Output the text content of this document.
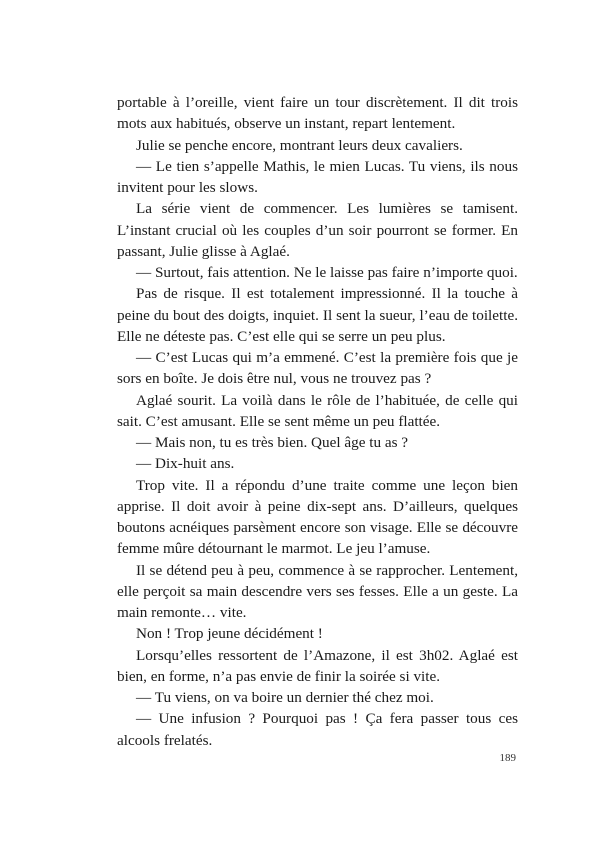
portable à l’oreille, vient faire un tour discrètement. Il dit trois mots aux habitués, observe un instant, repart lentement.

Julie se penche encore, montrant leurs deux cavaliers.

— Le tien s’appelle Mathis, le mien Lucas. Tu viens, ils nous invitent pour les slows.

La série vient de commencer. Les lumières se tamisent. L’instant crucial où les couples d’un soir pourront se former. En passant, Julie glisse à Aglaé.

— Surtout, fais attention. Ne le laisse pas faire n’importe quoi.

Pas de risque. Il est totalement impressionné. Il la touche à peine du bout des doigts, inquiet. Il sent la sueur, l’eau de toilette. Elle ne déteste pas. C’est elle qui se serre un peu plus.

— C’est Lucas qui m’a emmené. C’est la première fois que je sors en boîte. Je dois être nul, vous ne trouvez pas ?

Aglaé sourit. La voilà dans le rôle de l’habituée, de celle qui sait. C’est amusant. Elle se sent même un peu flattée.

— Mais non, tu es très bien. Quel âge tu as ?

— Dix-huit ans.

Trop vite. Il a répondu d’une traite comme une leçon bien apprise. Il doit avoir à peine dix-sept ans. D’ailleurs, quelques boutons acnéiques parsèment encore son visage. Elle se découvre femme mûre détournant le marmot. Le jeu l’amuse.

Il se détend peu à peu, commence à se rapprocher. Lentement, elle perçoit sa main descendre vers ses fesses. Elle a un geste. La main remonte… vite.

Non ! Trop jeune décidément !

Lorsqu’elles ressortent de l’Amazone, il est 3h02. Aglaé est bien, en forme, n’a pas envie de finir la soirée si vite.

— Tu viens, on va boire un dernier thé chez moi.

— Une infusion ? Pourquoi pas ! Ça fera passer tous ces alcools frelatés.

189
